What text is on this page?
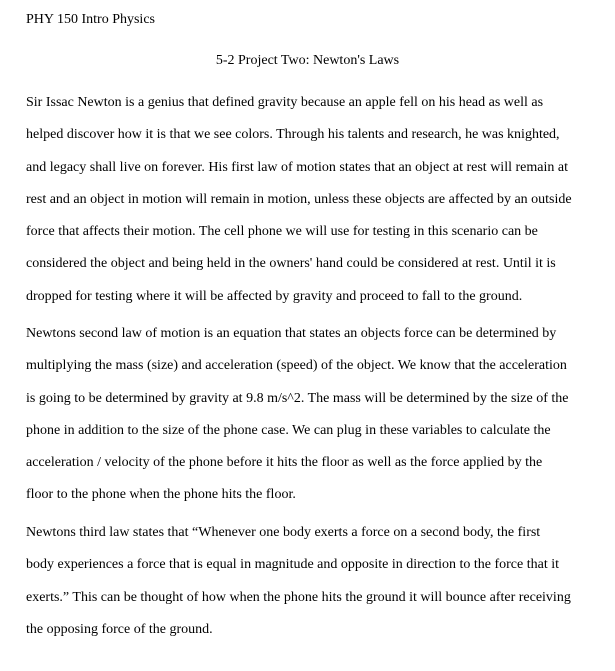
PHY 150 Intro Physics
5-2 Project Two: Newton's Laws
Sir Issac Newton is a genius that defined gravity because an apple fell on his head as well as
helped discover how it is that we see colors. Through his talents and research, he was knighted,
and legacy shall live on forever. His first law of motion states that an object at rest will remain at
rest and an object in motion will remain in motion, unless these objects are affected by an outside
force that affects their motion. The cell phone we will use for testing in this scenario can be
considered the object and being held in the owners' hand could be considered at rest. Until it is
dropped for testing where it will be affected by gravity and proceed to fall to the ground.
Newtons second law of motion is an equation that states an objects force can be determined by
multiplying the mass (size) and acceleration (speed) of the object. We know that the acceleration
is going to be determined by gravity at 9.8 m/s^2. The mass will be determined by the size of the
phone in addition to the size of the phone case. We can plug in these variables to calculate the
acceleration / velocity of the phone before it hits the floor as well as the force applied by the
floor to the phone when the phone hits the floor.
Newtons third law states that “Whenever one body exerts a force on a second body, the first
body experiences a force that is equal in magnitude and opposite in direction to the force that it
exerts.” This can be thought of how when the phone hits the ground it will bounce after receiving
the opposing force of the ground.
